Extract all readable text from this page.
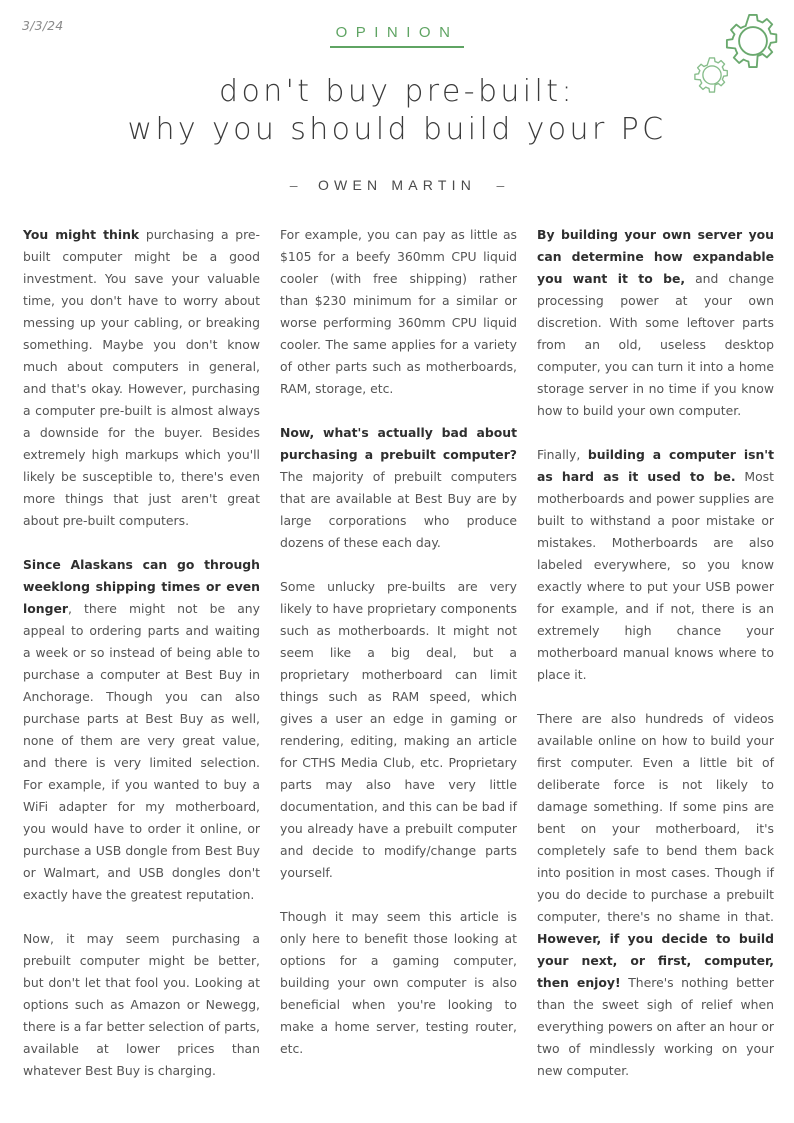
3/3/24	OPINION
don't buy pre-built:
why you should build your PC
– OWEN MARTIN –

You might think purchasing a pre-built computer might be a good investment. You save your valuable time, you don't have to worry about messing up your cabling, or breaking something. Maybe you don't know much about computers in general, and that's okay. However, purchasing a computer pre-built is almost always a downside for the buyer. Besides extremely high markups which you'll likely be susceptible to, there's even more things that just aren't great about pre-built computers.

Since Alaskans can go through weeklong shipping times or even longer, there might not be any appeal to ordering parts and waiting a week or so instead of being able to purchase a computer at Best Buy in Anchorage. Though you can also purchase parts at Best Buy as well, none of them are very great value, and there is very limited selection. For example, if you wanted to buy a WiFi adapter for my motherboard, you would have to order it online, or purchase a USB dongle from Best Buy or Walmart, and USB dongles don't exactly have the greatest reputation.

Now, it may seem purchasing a prebuilt computer might be better, but don't let that fool you. Looking at options such as Amazon or Newegg, there is a far better selection of parts, available at lower prices than whatever Best Buy is charging.

For example, you can pay as little as $105 for a beefy 360mm CPU liquid cooler (with free shipping) rather than $230 minimum for a similar or worse performing 360mm CPU liquid cooler. The same applies for a variety of other parts such as motherboards, RAM, storage, etc.

Now, what's actually bad about purchasing a prebuilt computer? The majority of prebuilt computers that are available at Best Buy are by large corporations who produce dozens of these each day.

Some unlucky pre-builts are very likely to have proprietary components such as motherboards. It might not seem like a big deal, but a proprietary motherboard can limit things such as RAM speed, which gives a user an edge in gaming or rendering, editing, making an article for CTHS Media Club, etc. Proprietary parts may also have very little documentation, and this can be bad if you already have a prebuilt computer and decide to modify/change parts yourself.

Though it may seem this article is only here to benefit those looking at options for a gaming computer, building your own computer is also beneficial when you're looking to make a home server, testing router, etc.

By building your own server you can determine how expandable you want it to be, and change processing power at your own discretion. With some leftover parts from an old, useless desktop computer, you can turn it into a home storage server in no time if you know how to build your own computer.

Finally, building a computer isn't as hard as it used to be. Most motherboards and power supplies are built to withstand a poor mistake or mistakes. Motherboards are also labeled everywhere, so you know exactly where to put your USB power for example, and if not, there is an extremely high chance your motherboard manual knows where to place it.

There are also hundreds of videos available online on how to build your first computer. Even a little bit of deliberate force is not likely to damage something. If some pins are bent on your motherboard, it's completely safe to bend them back into position in most cases. Though if you do decide to purchase a prebuilt computer, there's no shame in that. However, if you decide to build your next, or first, computer, then enjoy! There's nothing better than the sweet sigh of relief when everything powers on after an hour or two of mindlessly working on your new computer.
